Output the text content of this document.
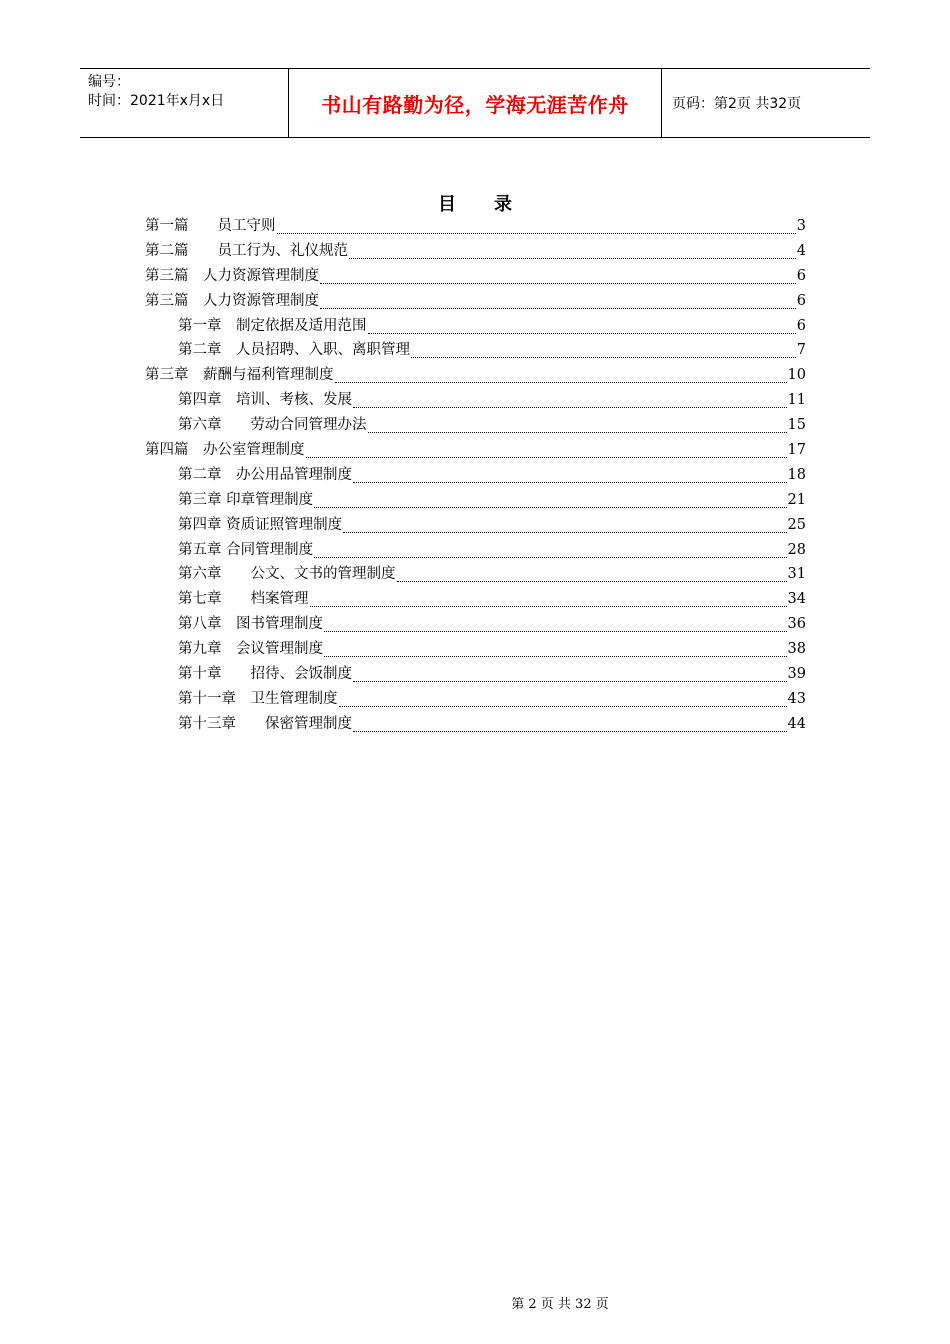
编号：
时间：2021年x月x日	书山有路勤为径，学海无涯苦作舟	页码：第2页 共32页
目 录
第一篇　　员工守则	3
第二篇　　员工行为、礼仪规范	4
第三篇　人力资源管理制度	6
第三篇　人力资源管理制度	6
第一章　制定依据及适用范围	6
第二章　人员招聘、入职、离职管理	7
第三章　薪酬与福利管理制度	10
第四章　培训、考核、发展	11
第六章　　劳动合同管理办法	15
第四篇　办公室管理制度	17
第二章　办公用品管理制度	18
第三章 印章管理制度	21
第四章 资质证照管理制度	25
第五章 合同管理制度	28
第六章　　公文、文书的管理制度	31
第七章　　档案管理	34
第八章　图书管理制度	36
第九章　会议管理制度	38
第十章　　招待、会饭制度	39
第十一章　卫生管理制度	43
第十三章　　保密管理制度	44
第 2 页 共 32 页
